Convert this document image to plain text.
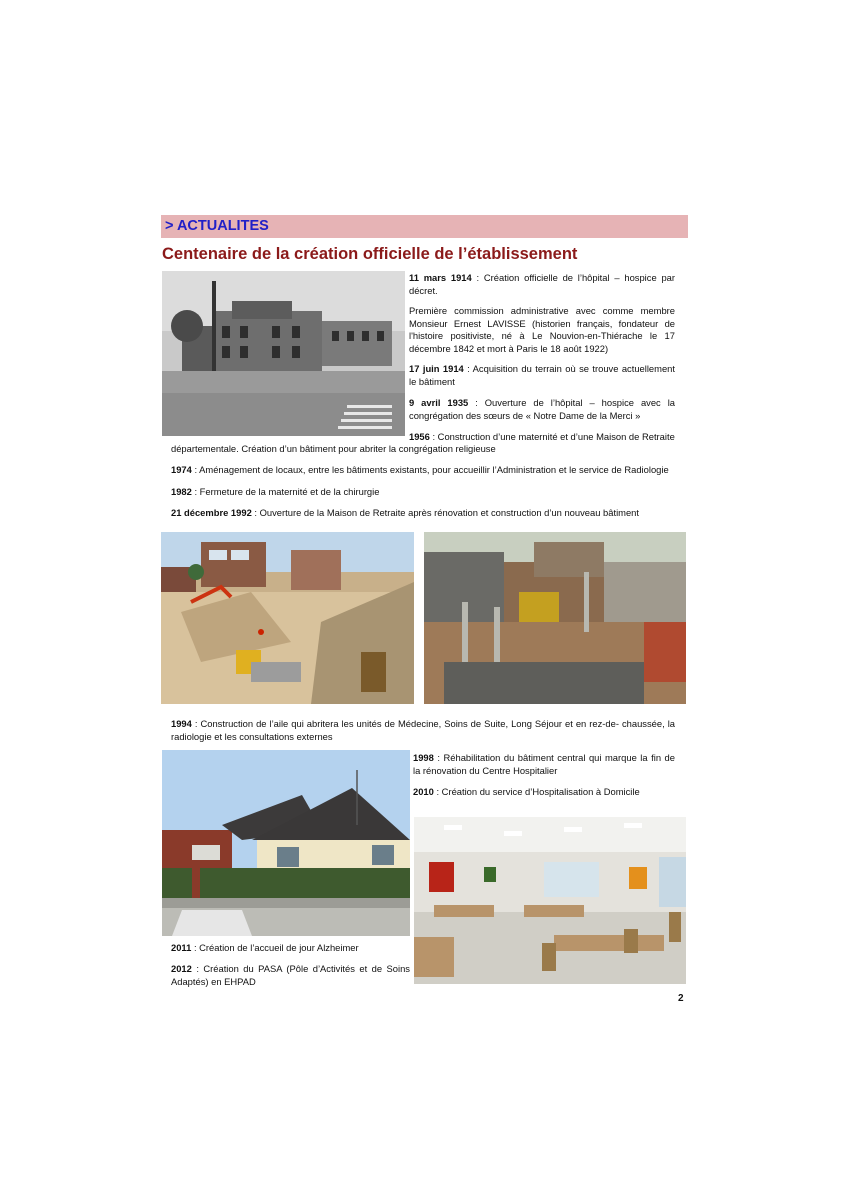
> ACTUALITES
Centenaire de la création officielle de l’établissement
11 mars 1914 : Création officielle de l’hôpital – hospice par décret.
Première commission administrative avec comme membre Monsieur Ernest LAVISSE (historien français, fondateur de l'histoire positiviste, né à Le Nouvion-en-Thiérache le 17 décembre 1842 et mort à Paris le 18 août 1922)
17 juin 1914 : Acquisition du terrain où se trouve actuellement le bâtiment
9 avril 1935 : Ouverture de l’hôpital – hospice avec la congrégation des sœurs de « Notre Dame de la Merci »
1956 : Construction d’une maternité et d’une Maison de Retraite
départementale. Création d’un bâtiment pour abriter la congrégation religieuse
1974 : Aménagement de locaux, entre les bâtiments existants, pour accueillir l’Administration et le service de Radiologie
1982 : Fermeture de la maternité et de la chirurgie
21 décembre 1992 : Ouverture de la Maison de Retraite après rénovation et construction d’un nouveau bâtiment
1994 : Construction de l’aile qui abritera les unités de Médecine, Soins de Suite, Long Séjour et en rez-de- chaussée, la radiologie et les consultations externes
1998 : Réhabilitation du bâtiment central qui marque la fin de la rénovation du Centre Hospitalier
2010 : Création du service d’Hospitalisation à Domicile
2011 : Création de l’accueil de jour Alzheimer
2012 : Création du PASA (Pôle d’Activités et de Soins Adaptés) en EHPAD
2
